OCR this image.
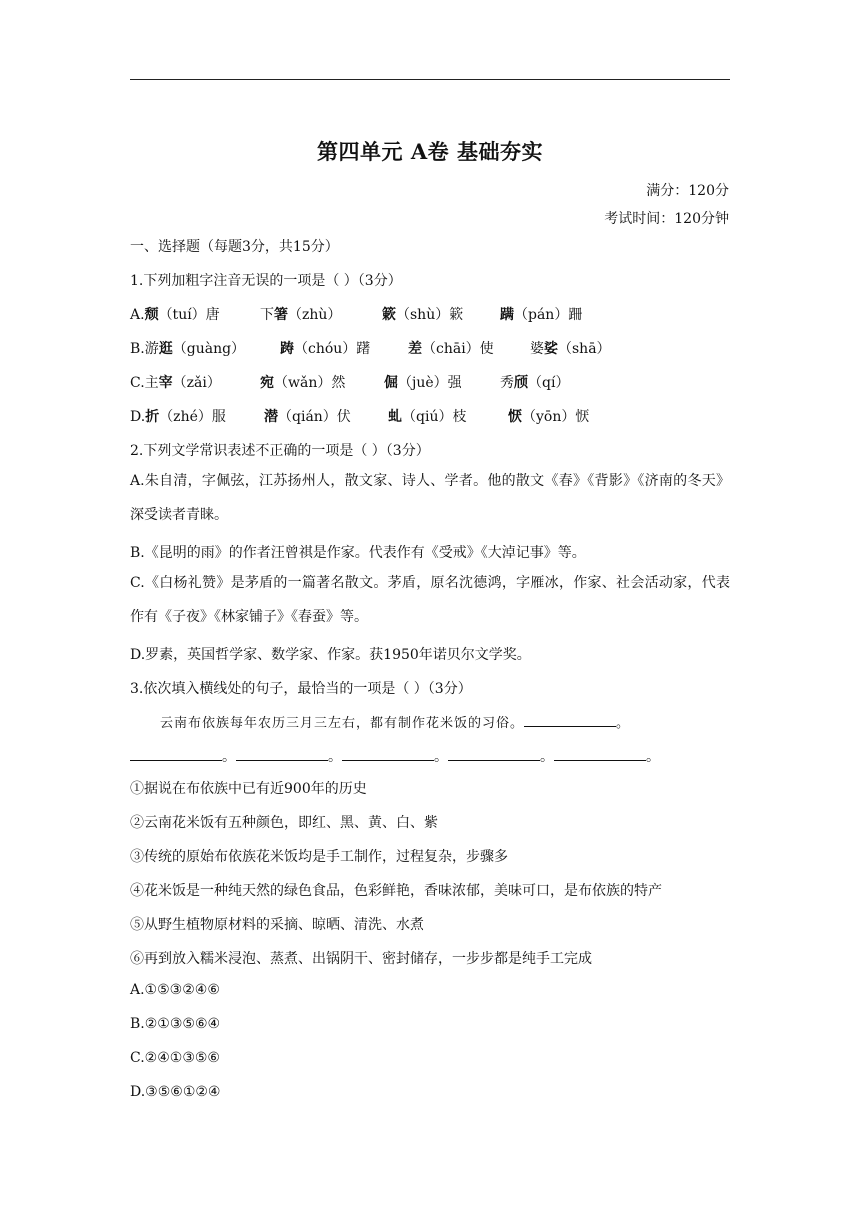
第四单元 A卷 基础夯实
满分：120分
考试时间：120分钟
一、选择题（每题3分，共15分）
1.下列加粗字注音无误的一项是（ ）（3分）
A.颓（tuí）唐	下箸（zhù）	簌（shù）簌	蹒（pán）跚
B.游逛（guàng） 踌（chóu）躇	差（chāi）使	婆娑（shā）
C.主宰（zǎi）	宛（wǎn）然	倔（juè）强	秀颀（qí）
D.折（zhé）服	潜（qián）伏	虬（qiú）枝	恹（yōn）恹
2.下列文学常识表述不正确的一项是（ ）（3分）
A.朱自清，字佩弦，江苏扬州人，散文家、诗人、学者。他的散文《春》《背影》《济南的冬天》深受读者青睐。
B.《昆明的雨》的作者汪曾祺是作家。代表作有《受戒》《大淖记事》等。
C.《白杨礼赞》是茅盾的一篇著名散文。茅盾，原名沈德鸿，字雁冰，作家、社会活动家，代表作有《子夜》《林家铺子》《春蚕》等。
D.罗素，英国哲学家、数学家、作家。获1950年诺贝尔文学奖。
3.依次填入横线处的句子，最恰当的一项是（ ）（3分）
云南布依族每年农历三月三左右，都有制作花米饭的习俗。	。
。	。	。	。	。
①据说在布依族中已有近900年的历史
②云南花米饭有五种颜色，即红、黑、黄、白、紫
③传统的原始布依族花米饭均是手工制作，过程复杂，步骤多
④花米饭是一种纯天然的绿色食品，色彩鲜艳，香味浓郁，美味可口，是布依族的特产
⑤从野生植物原材料的采摘、晾晒、清洗、水煮
⑥再到放入糯米浸泡、蒸煮、出锅阴干、密封储存，一步步都是纯手工完成
A.①⑤③②④⑥
B.②①③⑤⑥④
C.②④①③⑤⑥
D.③⑤⑥①②④
